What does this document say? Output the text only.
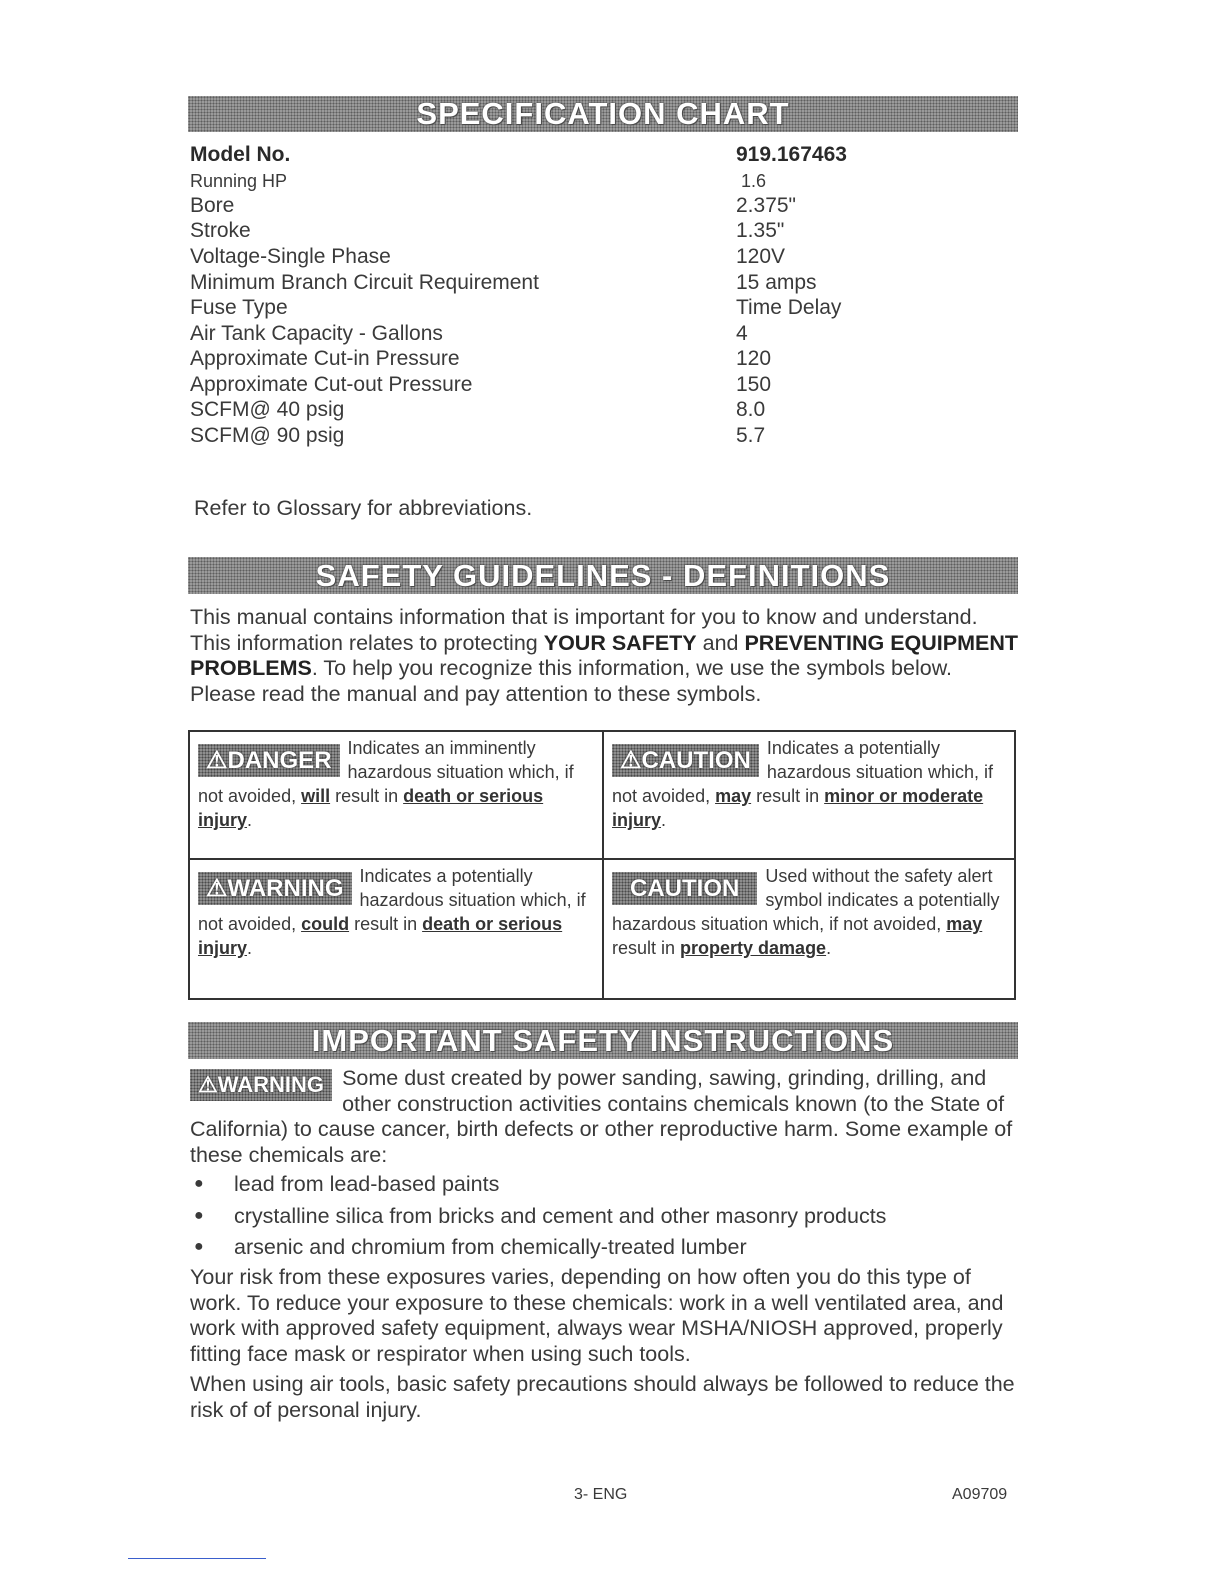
SPECIFICATION CHART
Model No.	919.167463
Running HP	1.6
Bore	2.375"
Stroke	1.35"
Voltage-Single Phase	120V
Minimum Branch Circuit Requirement	15 amps
Fuse Type	Time Delay
Air Tank Capacity - Gallons	4
Approximate Cut-in Pressure	120
Approximate Cut-out Pressure	150
SCFM@ 40 psig	8.0
SCFM@ 90 psig	5.7
Refer to Glossary for abbreviations.
SAFETY GUIDELINES - DEFINITIONS
This manual contains information that is important for you to know and understand. This information relates to protecting YOUR SAFETY and PREVENTING EQUIPMENT PROBLEMS. To help you recognize this information, we use the symbols below. Please read the manual and pay attention to these symbols.
⚠DANGER Indicates an imminently hazardous situation which, if not avoided, will result in death or serious injury.
⚠CAUTION Indicates a potentially hazardous situation which, if not avoided, may result in minor or moderate injury.
⚠WARNING Indicates a potentially hazardous situation which, if not avoided, could result in death or serious injury.
CAUTION	Used without the safety alert symbol indicates a potentially hazardous situation which, if not avoided, may result in property damage.
IMPORTANT SAFETY INSTRUCTIONS
⚠WARNING Some dust created by power sanding, sawing, grinding, drilling, and other construction activities contains chemicals known (to the State of California) to cause cancer, birth defects or other reproductive harm. Some example of these chemicals are:
● lead from lead-based paints
● crystalline silica from bricks and cement and other masonry products
● arsenic and chromium from chemically-treated lumber
Your risk from these exposures varies, depending on how often you do this type of work. To reduce your exposure to these chemicals: work in a well ventilated area, and work with approved safety equipment, always wear MSHA/NIOSH approved, properly fitting face mask or respirator when using such tools.
When using air tools, basic safety precautions should always be followed to reduce the risk of of personal injury.
3- ENG	A09709
